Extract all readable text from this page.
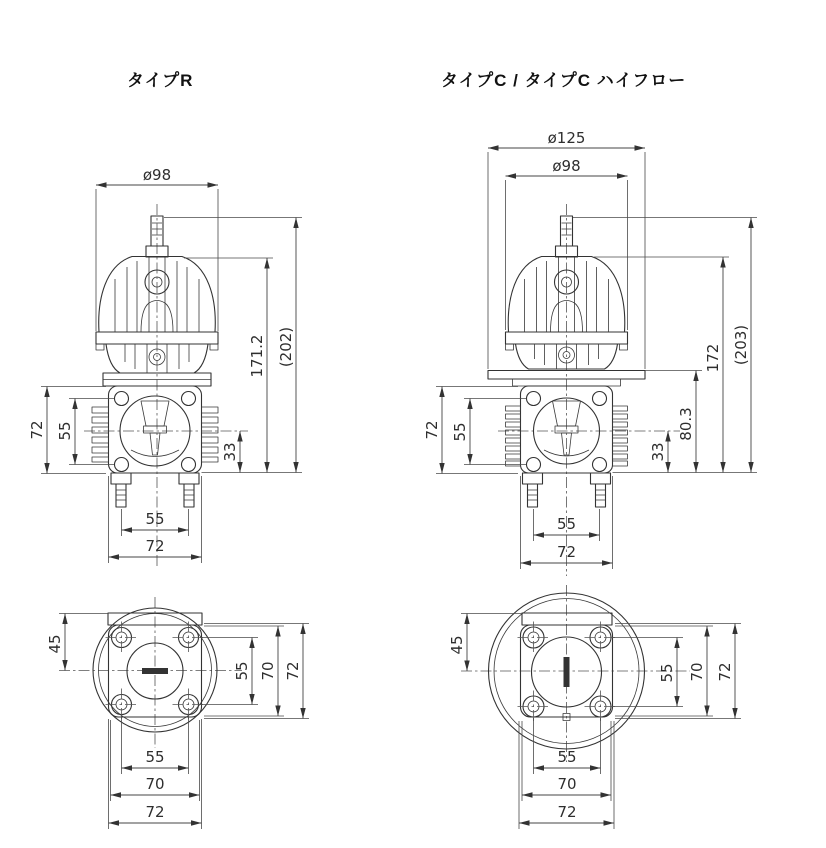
タイプR	タイプC / タイプC ハイフロー
ø98
(202)
171.2
33
72 55
55
72
45
55 70 72
55
70
72
ø125
ø98
(203)
172
80.3
33
72 55
55
72
45
55 70 72
55
70
72
